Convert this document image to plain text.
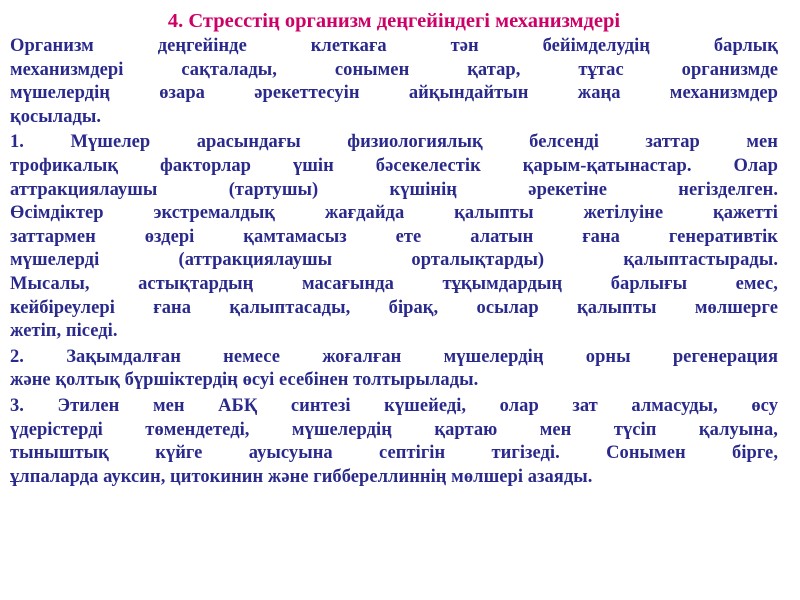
4. Стресстің организм деңгейіндегі механизмдері

Организм деңгейінде клеткаға тән бейімделудің барлық
механизмдері сақталады, сонымен қатар, тұтас организмде
мүшелердің өзара әрекеттесуін айқындайтын жаңа механизмдер
қосылады.

1. Мүшелер арасындағы физиологиялық белсенді заттар мен
трофикалық факторлар үшін бәсекелестік қарым-қатынастар. Олар
аттракциялаушы (тартушы) күшінің әрекетіне негізделген.
Өсімдіктер экстремалдық жағдайда қалыпты жетілуіне қажетті
заттармен өздері қамтамасыз ете алатын ғана генеративтік
мүшелерді (аттракциялаушы орталықтарды) қалыптастырады.
Мысалы, астықтардың масағында тұқымдардың барлығы емес,
кейбіреулері ғана қалыптасады, бірақ, осылар қалыпты мөлшерге
жетіп, піседі.

2. Зақымдалған немесе жоғалған мүшелердің орны регенерация
және қолтық бүршіктердің өсуі есебінен толтырылады.

3. Этилен мен АБҚ синтезі күшейеді, олар зат алмасуды, өсу
үдерістерді төмендетеді, мүшелердің қартаю мен түсіп қалуына,
тыныштық күйге ауысуына септігін тигізеді. Сонымен бірге,
ұлпаларда ауксин, цитокинин және гиббереллиннің мөлшері азаяды.
